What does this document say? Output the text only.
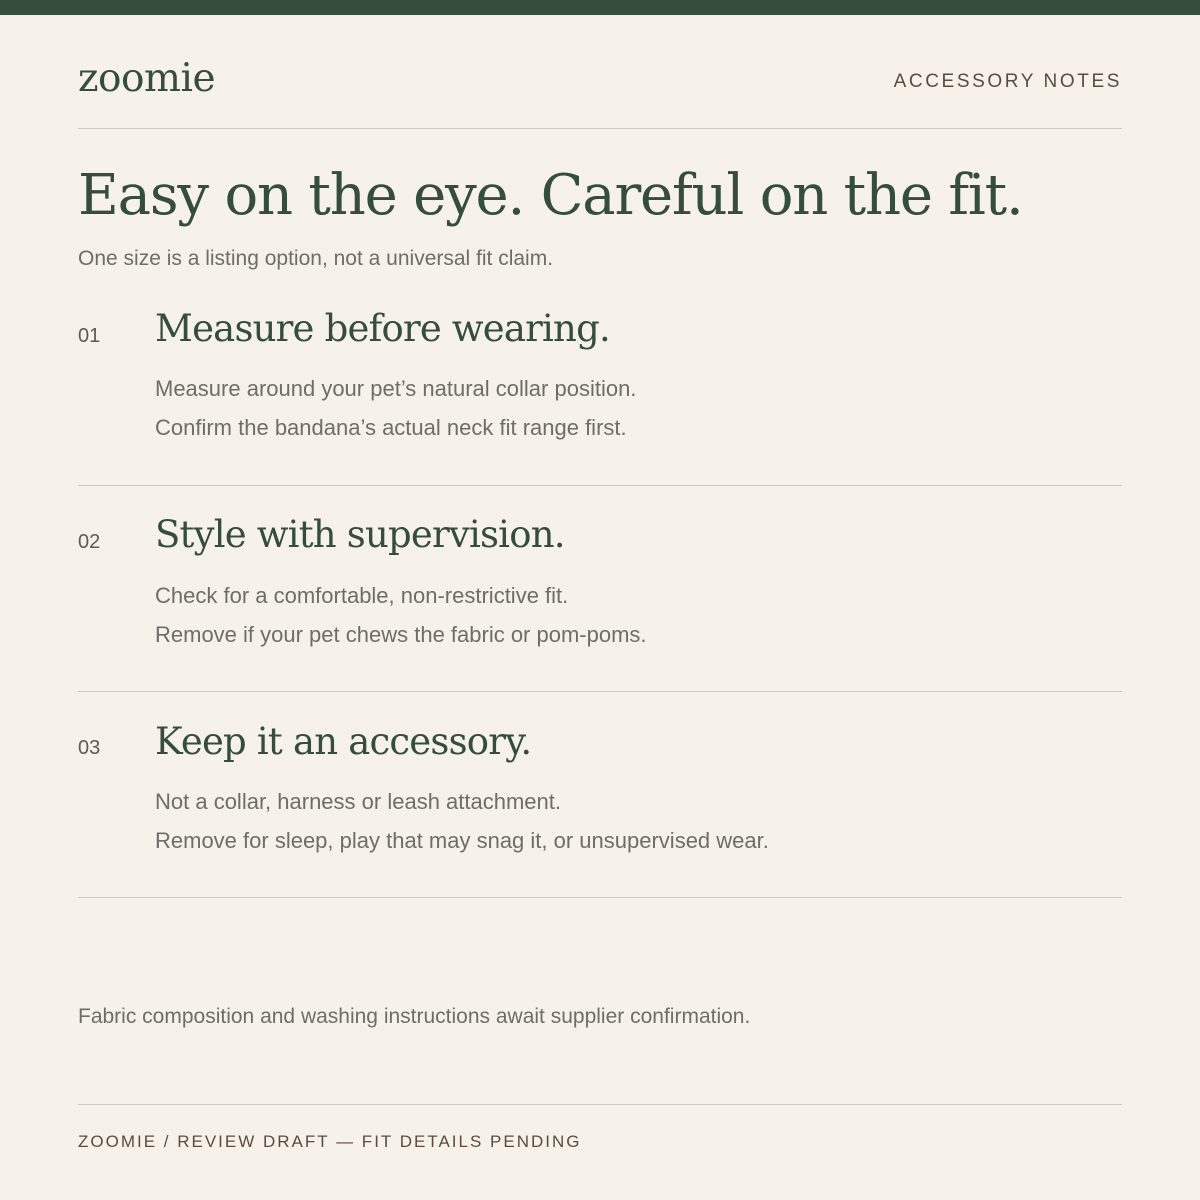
zoomie	ACCESSORY NOTES
Easy on the eye. Careful on the fit.
One size is a listing option, not a universal fit claim.
01 Measure before wearing.
Measure around your pet’s natural collar position.
Confirm the bandana’s actual neck fit range first.
02 Style with supervision.
Check for a comfortable, non-restrictive fit.
Remove if your pet chews the fabric or pom-poms.
03 Keep it an accessory.
Not a collar, harness or leash attachment.
Remove for sleep, play that may snag it, or unsupervised wear.
Fabric composition and washing instructions await supplier confirmation.
ZOOMIE / REVIEW DRAFT — FIT DETAILS PENDING
